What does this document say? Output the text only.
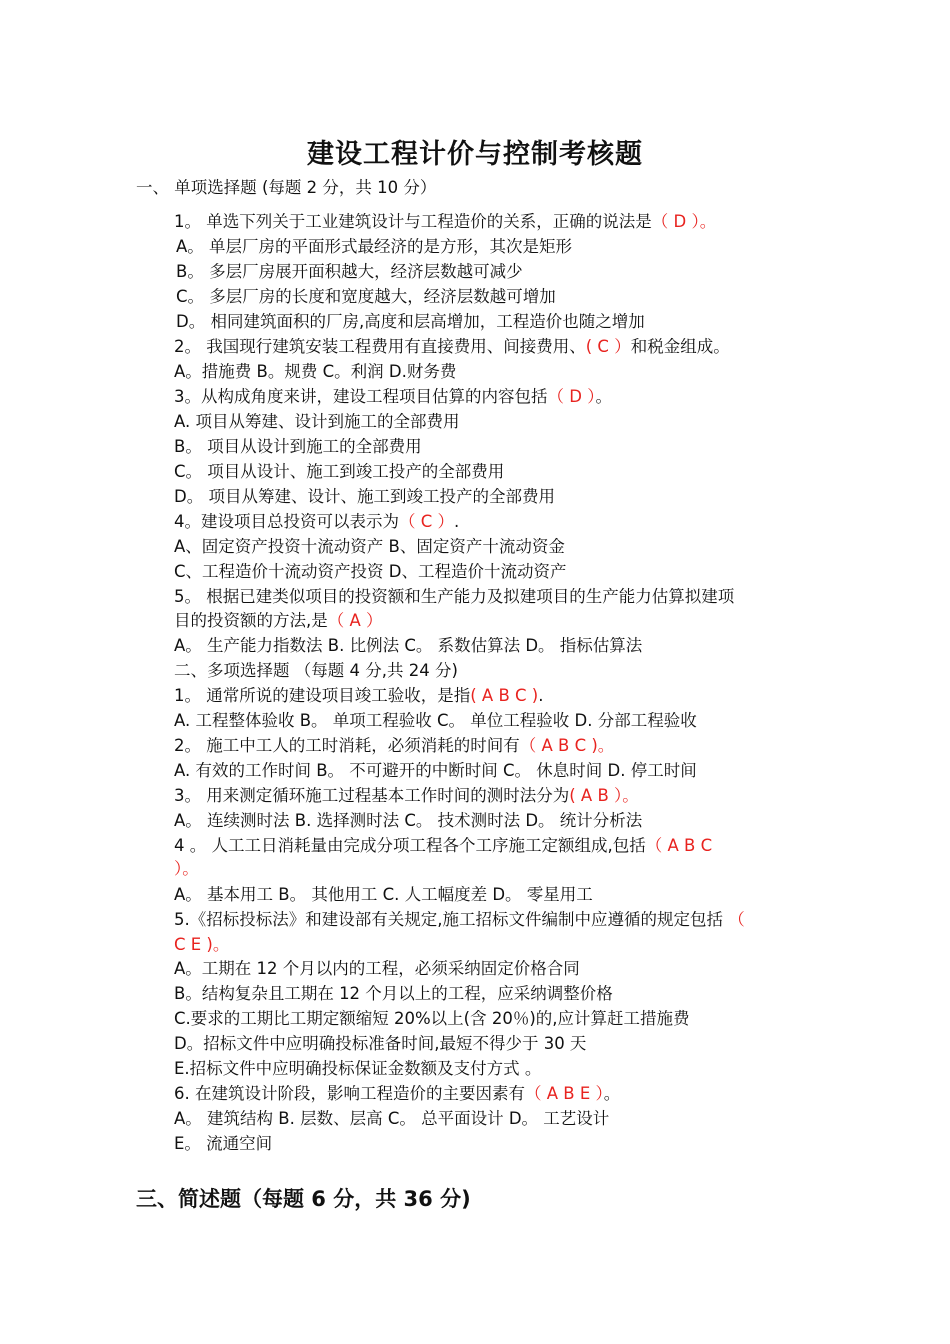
建设工程计价与控制考核题
一、 单项选择题 (每题 2 分，共 10 分）
1。 单选下列关于工业建筑设计与工程造价的关系，正确的说法是（ D ）。
A。 单层厂房的平面形式最经济的是方形，其次是矩形
B。 多层厂房展开面积越大，经济层数越可减少
C。 多层厂房的长度和宽度越大，经济层数越可增加
D。 相同建筑面积的厂房,高度和层高增加，工程造价也随之增加
2。 我国现行建筑安装工程费用有直接费用、间接费用、( C ）和税金组成。
A。措施费 B。规费 C。利润 D.财务费
3。从构成角度来讲，建设工程项目估算的内容包括（ D ）。
A. 项目从筹建、设计到施工的全部费用
B。 项目从设计到施工的全部费用
C。 项目从设计、施工到竣工投产的全部费用
D。 项目从筹建、设计、施工到竣工投产的全部费用
4。建设项目总投资可以表示为（ C ）.
A、固定资产投资十流动资产 B、固定资产十流动资金
C、工程造价十流动资产投资 D、工程造价十流动资产
5。 根据已建类似项目的投资额和生产能力及拟建项目的生产能力估算拟建项
目的投资额的方法,是（ A ）
A。 生产能力指数法 B. 比例法 C。 系数估算法 D。 指标估算法
二、多项选择题 （每题 4 分,共 24 分)
1。 通常所说的建设项目竣工验收，是指( A B C ).
A. 工程整体验收 B。 单项工程验收 C。 单位工程验收 D. 分部工程验收
2。 施工中工人的工时消耗，必须消耗的时间有（ A B C )。
A. 有效的工作时间 B。 不可避开的中断时间 C。 休息时间 D. 停工时间
3。 用来测定循环施工过程基本工作时间的测时法分为( A B ）。
A。 连续测时法 B. 选择测时法 C。 技术测时法 D。 统计分析法
4 。 人工工日消耗量由完成分项工程各个工序施工定额组成,包括（ A B C
）。
A。 基本用工 B。 其他用工 C. 人工幅度差 D。 零星用工
5.《招标投标法》和建设部有关规定,施工招标文件编制中应遵循的规定包括 （
C E )。
A。工期在 12 个月以内的工程，必须采纳固定价格合同
B。结构复杂且工期在 12 个月以上的工程，应采纳调整价格
C.要求的工期比工期定额缩短 20%以上(含 20％)的,应计算赶工措施费
D。招标文件中应明确投标准备时间,最短不得少于 30 天
E.招标文件中应明确投标保证金数额及支付方式 。
6. 在建筑设计阶段，影响工程造价的主要因素有（ A B E ）。
A。 建筑结构 B. 层数、层高 C。 总平面设计 D。 工艺设计
E。 流通空间
三、简述题（每题 6 分，共 36 分)
